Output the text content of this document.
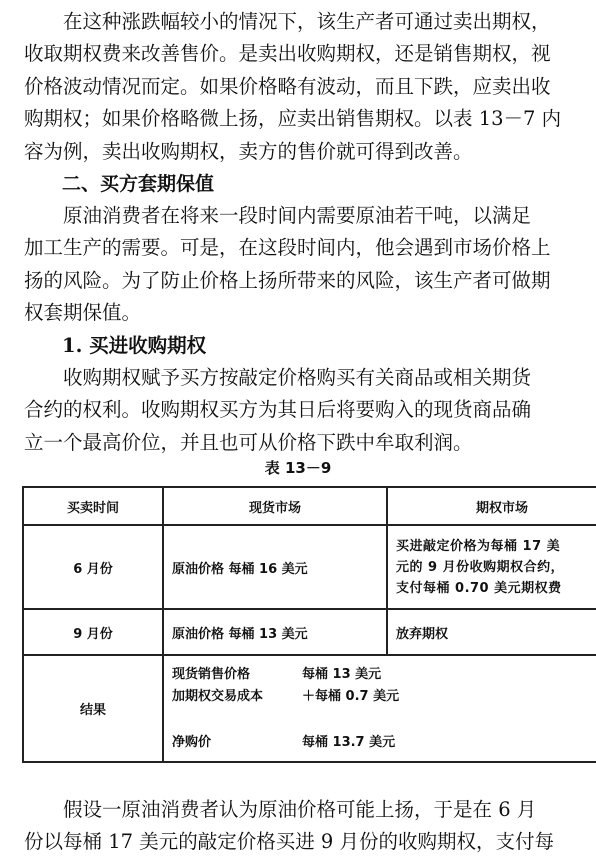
在这种涨跌幅较小的情况下，该生产者可通过卖出期权，
收取期权费来改善售价。是卖出收购期权，还是销售期权，视
价格波动情况而定。如果价格略有波动，而且下跌，应卖出收
购期权；如果价格略微上扬，应卖出销售期权。以表 13－7 内
容为例，卖出收购期权，卖方的售价就可得到改善。
二、买方套期保值
原油消费者在将来一段时间内需要原油若干吨，以满足
加工生产的需要。可是，在这段时间内，他会遇到市场价格上
扬的风险。为了防止价格上扬所带来的风险，该生产者可做期
权套期保值。
1. 买进收购期权
收购期权赋予买方按敲定价格购买有关商品或相关期货
合约的权利。收购期权买方为其日后将要购入的现货商品确
立一个最高价位，并且也可从价格下跌中牟取利润。
表 13－9
买卖时间	现货市场	期权市场
6 月份	原油价格 每桶 16 美元	买进敲定价格为每桶 17 美
元的 9 月份收购期权合约，
支付每桶 0.70 美元期权费

9 月份	原油价格 每桶 13 美元	放弃期权
结果	现货销售价格 每桶 13 美元
加期权交易成本 ＋每桶 0.7 美元
净购价 每桶 13.7 美元	
假设一原油消费者认为原油价格可能上扬，于是在 6 月
份以每桶 17 美元的敲定价格买进 9 月份的收购期权，支付每
